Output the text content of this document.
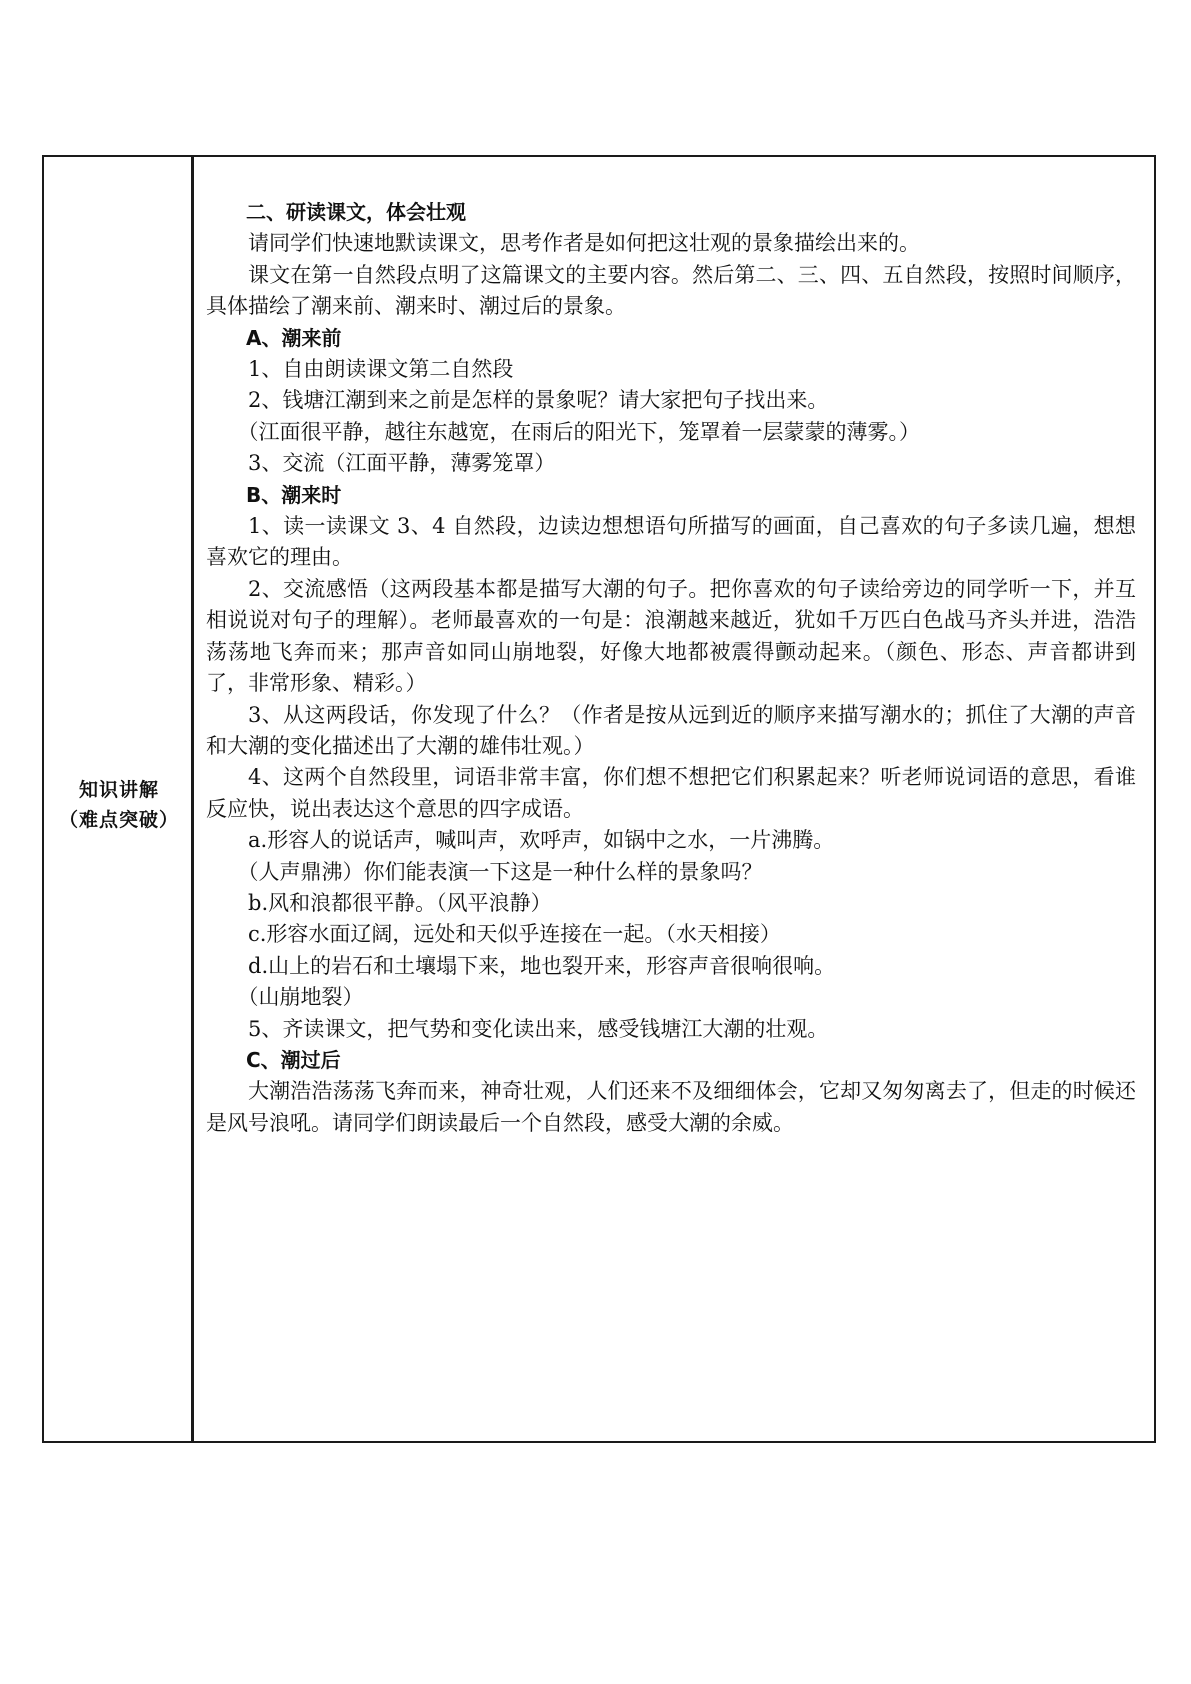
知识讲解
（难点突破）

二、研读课文，体会壮观

请同学们快速地默读课文，思考作者是如何把这壮观的景象描绘出来的。

课文在第一自然段点明了这篇课文的主要内容。然后第二、三、四、五自然段，按照时间顺序，具体描绘了潮来前、潮来时、潮过后的景象。

A、潮来前

1、自由朗读课文第二自然段

2、钱塘江潮到来之前是怎样的景象呢？请大家把句子找出来。

（江面很平静，越往东越宽，在雨后的阳光下，笼罩着一层蒙蒙的薄雾。）

3、交流（江面平静，薄雾笼罩）

B、潮来时

1、读一读课文 3、4 自然段，边读边想想语句所描写的画面，自己喜欢的句子多读几遍，想想喜欢它的理由。

2、交流感悟（这两段基本都是描写大潮的句子。把你喜欢的句子读给旁边的同学听一下，并互相说说对句子的理解）。老师最喜欢的一句是：浪潮越来越近，犹如千万匹白色战马齐头并进，浩浩荡荡地飞奔而来；那声音如同山崩地裂，好像大地都被震得颤动起来。（颜色、形态、声音都讲到了，非常形象、精彩。）

3、从这两段话，你发现了什么？（作者是按从远到近的顺序来描写潮水的；抓住了大潮的声音和大潮的变化描述出了大潮的雄伟壮观。）

4、这两个自然段里，词语非常丰富，你们想不想把它们积累起来？听老师说词语的意思，看谁反应快，说出表达这个意思的四字成语。

a.形容人的说话声，喊叫声，欢呼声，如锅中之水，一片沸腾。

（人声鼎沸）你们能表演一下这是一种什么样的景象吗？

b.风和浪都很平静。（风平浪静）

c.形容水面辽阔，远处和天似乎连接在一起。（水天相接）

d.山上的岩石和土壤塌下来，地也裂开来，形容声音很响很响。

（山崩地裂）

5、齐读课文，把气势和变化读出来，感受钱塘江大潮的壮观。

C、潮过后

大潮浩浩荡荡飞奔而来，神奇壮观，人们还来不及细细体会，它却又匆匆离去了，但走的时候还是风号浪吼。请同学们朗读最后一个自然段，感受大潮的余威。
